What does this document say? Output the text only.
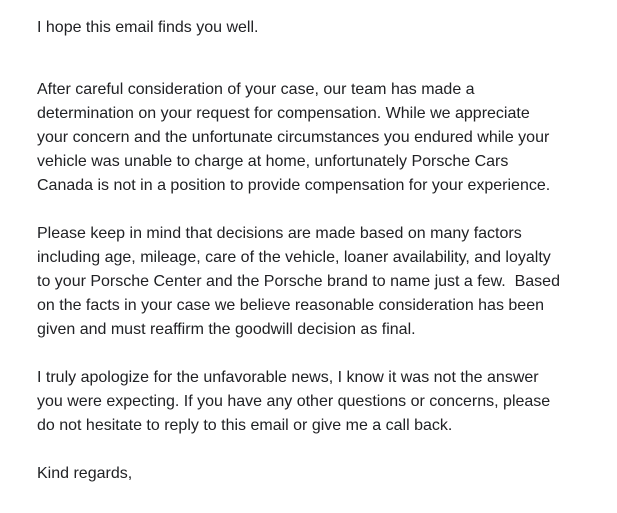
I hope this email finds you well.
After careful consideration of your case, our team has made a
determination on your request for compensation. While we appreciate
your concern and the unfortunate circumstances you endured while your
vehicle was unable to charge at home, unfortunately Porsche Cars
Canada is not in a position to provide compensation for your experience.
Please keep in mind that decisions are made based on many factors
including age, mileage, care of the vehicle, loaner availability, and loyalty
to your Porsche Center and the Porsche brand to name just a few.  Based
on the facts in your case we believe reasonable consideration has been
given and must reaffirm the goodwill decision as final.
I truly apologize for the unfavorable news, I know it was not the answer
you were expecting. If you have any other questions or concerns, please
do not hesitate to reply to this email or give me a call back.
Kind regards,
